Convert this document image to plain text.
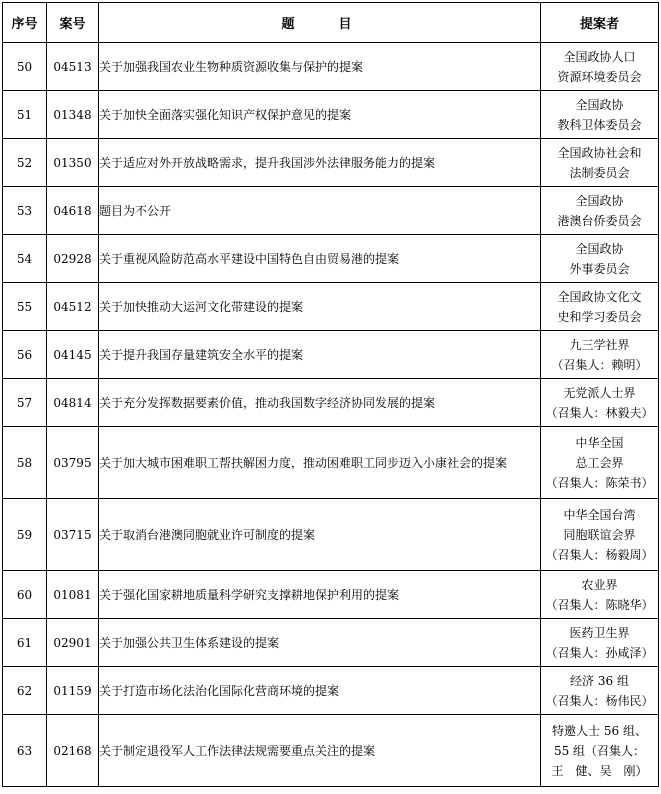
序号	案号	题　　目	提案者
50	04513	关于加强我国农业生物种质资源收集与保护的提案	全国政协人口
资源环境委员会

51	01348	关于加快全面落实强化知识产权保护意见的提案	全国政协
教科卫体委员会

52	01350	关于适应对外开放战略需求，提升我国涉外法律服务能力的提案	全国政协社会和
法制委员会

53	04618	题目为不公开	全国政协
港澳台侨委员会

54	02928	关于重视风险防范高水平建设中国特色自由贸易港的提案	全国政协
外事委员会

55	04512	关于加快推动大运河文化带建设的提案	全国政协文化文
史和学习委员会

56	04145	关于提升我国存量建筑安全水平的提案	九三学社界
（召集人：赖明）

57	04814	关于充分发挥数据要素价值，推动我国数字经济协同发展的提案	无党派人士界
（召集人：林毅夫）

58	03795	关于加大城市困难职工帮扶解困力度，推动困难职工同步迈入小康社会的提案	中华全国
总工会界
（召集人：陈荣书）

59	03715	关于取消台港澳同胞就业许可制度的提案	中华全国台湾
同胞联谊会界
（召集人：杨毅周）

60	01081	关于强化国家耕地质量科学研究支撑耕地保护利用的提案	农业界
（召集人：陈晓华）

61	02901	关于加强公共卫生体系建设的提案	医药卫生界
（召集人：孙咸泽）

62	01159	关于打造市场化法治化国际化营商环境的提案	经济 36 组
（召集人：杨伟民）

63	02168	关于制定退役军人工作法律法规需要重点关注的提案	特邀人士 56 组、
55 组（召集人：
王　健、吴　刚）
